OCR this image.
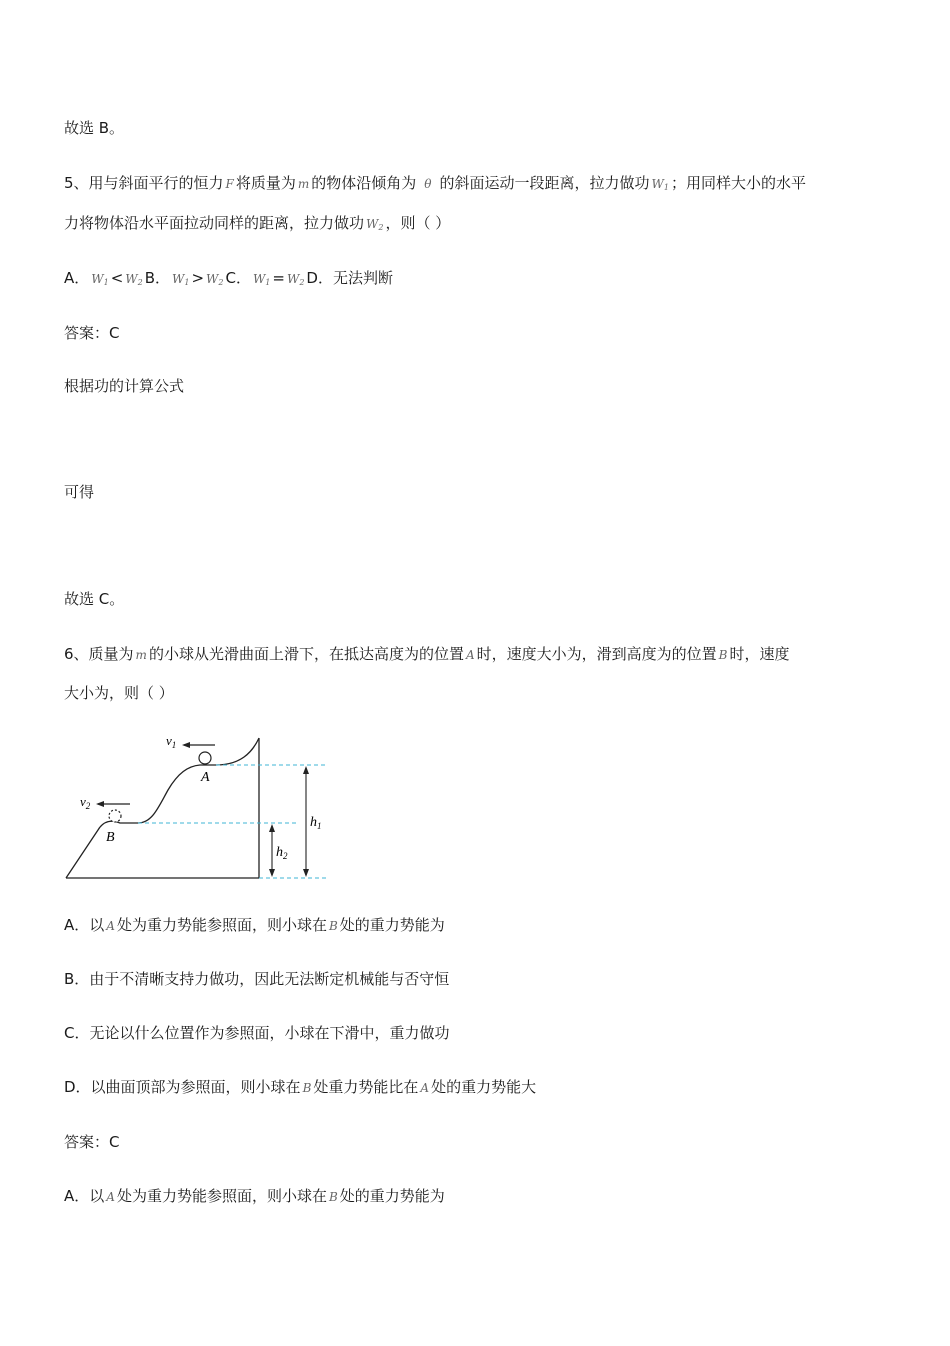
故选 B。
5、用与斜面平行的恒力 F 将质量为 m 的物体沿倾角为 θ 的斜面运动一段距离，拉力做功 $W_1$ ；用同样大小的水平
力将物体沿水平面拉动同样的距离，拉力做功 $W_2$ ，则（ ）
A． $W_1 < W_2$ B． $W_1 > W_2$ C． $W_1 = W_2$ D．无法判断
答案：C
根据功的计算公式
可得
故选 C。
6、质量为 m 的小球从光滑曲面上滑下，在抵达高度为的位置 A 时，速度大小为，滑到高度为的位置 B 时，速度
大小为，则（ ）
$v_1$
$v_2$
A
B
$h_1$
$h_2$
A．以 A 处为重力势能参照面，则小球在 B 处的重力势能为
B．由于不清晰支持力做功，因此无法断定机械能与否守恒
C．无论以什么位置作为参照面，小球在下滑中，重力做功
D．以曲面顶部为参照面，则小球在 B 处重力势能比在 A 处的重力势能大
答案：C
A．以 A 处为重力势能参照面，则小球在 B 处的重力势能为
